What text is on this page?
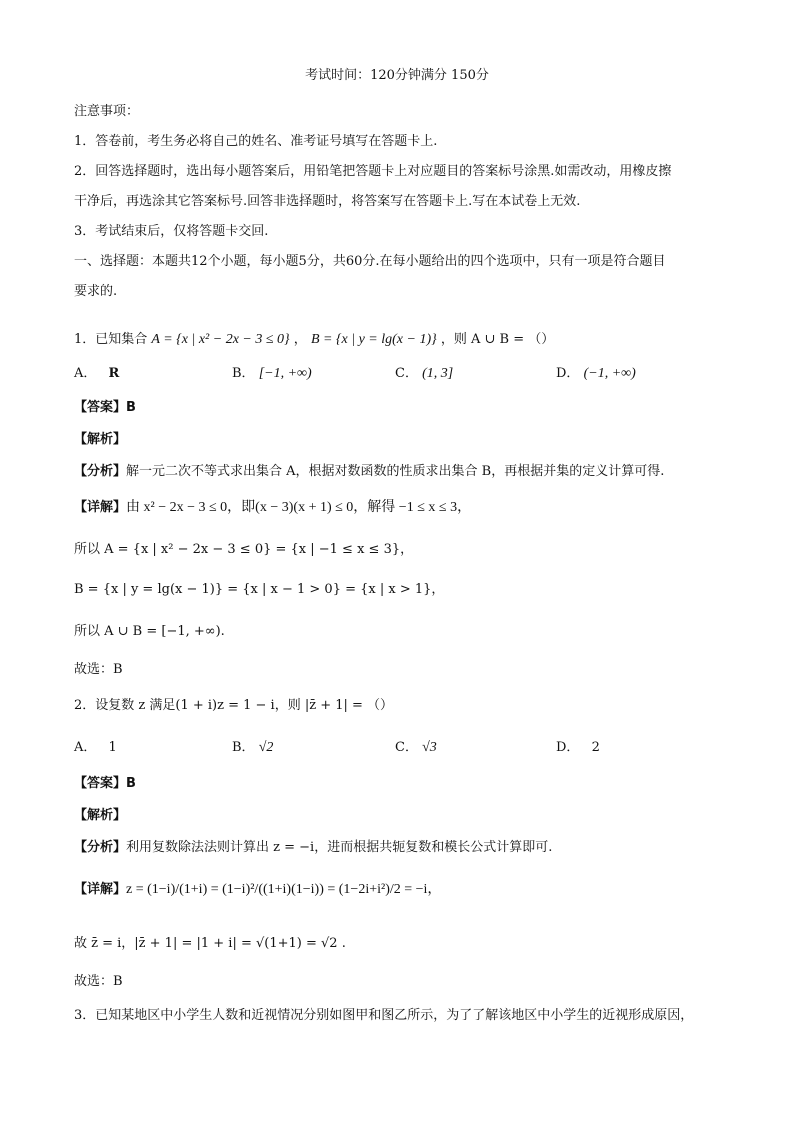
考试时间：120分钟满分 150分
注意事项：
1．答卷前，考生务必将自己的姓名、准考证号填写在答题卡上.
2．回答选择题时，选出每小题答案后，用铅笔把答题卡上对应题目的答案标号涂黑.如需改动，用橡皮擦
干净后，再选涂其它答案标号.回答非选择题时，将答案写在答题卡上.写在本试卷上无效.
3．考试结束后，仅将答题卡交回.
一、选择题：本题共12个小题，每小题5分，共60分.在每小题给出的四个选项中，只有一项是符合题目
要求的.
1．已知集合 A = {x | x² − 2x − 3 ≤ 0} ， B = {x | y = lg(x − 1)} ，则 A ∪ B = （）
A． R	B． [−1, +∞)	C． (1, 3]	D． (−1, +∞)
【答案】B
【解析】
【分析】解一元二次不等式求出集合 A，根据对数函数的性质求出集合 B，再根据并集的定义计算可得.
【详解】由 x² − 2x − 3 ≤ 0，即(x − 3)(x + 1) ≤ 0，解得 −1 ≤ x ≤ 3，
所以 A = {x | x² − 2x − 3 ≤ 0} = {x | −1 ≤ x ≤ 3}，
B = {x | y = lg(x − 1)} = {x | x − 1 > 0} = {x | x > 1}，
所以 A ∪ B = [−1, +∞).
故选：B
2．设复数 z 满足(1 + i)z = 1 − i，则 |z̄ + 1| = （）
A． 1	B． √2	C． √3	D． 2
【答案】B
【解析】
【分析】利用复数除法法则计算出 z = −i，进而根据共轭复数和模长公式计算即可.
【详解】z = (1−i)/(1+i) = (1−i)²/((1+i)(1−i)) = (1−2i+i²)/2 = −i，
故 z̄ = i，|z̄ + 1| = |1 + i| = √(1+1) = √2 .
故选：B
3．已知某地区中小学生人数和近视情况分别如图甲和图乙所示，为了了解该地区中小学生的近视形成原因，
